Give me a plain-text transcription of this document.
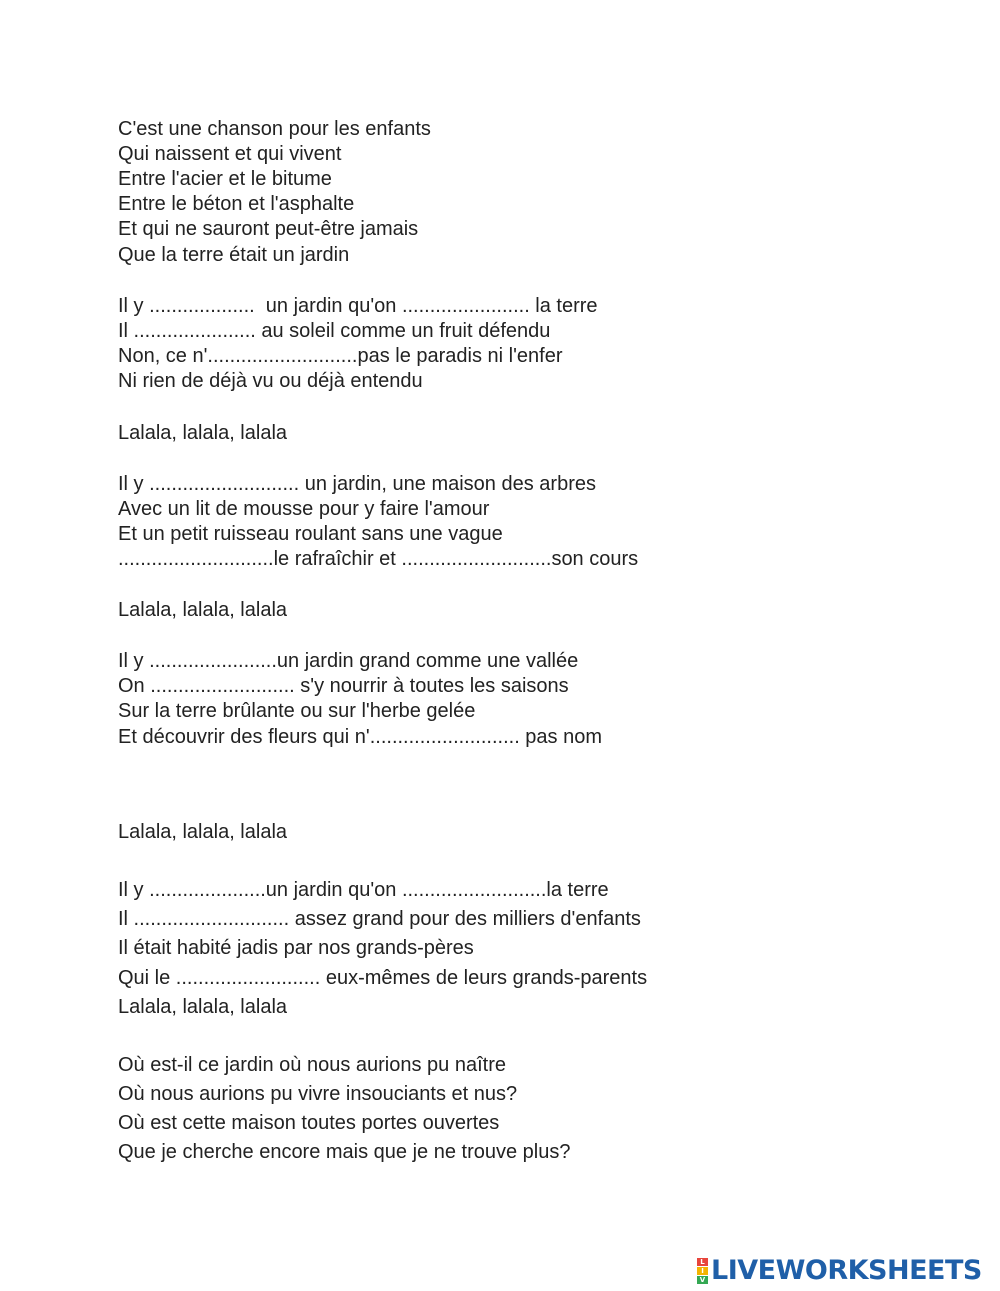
C'est une chanson pour les enfants

Qui naissent et qui vivent

Entre l'acier et le bitume

Entre le béton et l'asphalte

Et qui ne sauront peut-être jamais

Que la terre était un jardin

Il y ...................  un jardin qu'on ....................... la terre

Il ...................... au soleil comme un fruit défendu

Non, ce n'...........................pas le paradis ni l'enfer

Ni rien de déjà vu ou déjà entendu

Lalala, lalala, lalala

Il y ........................... un jardin, une maison des arbres

Avec un lit de mousse pour y faire l'amour

Et un petit ruisseau roulant sans une vague

............................le rafraîchir et ...........................son cours

Lalala, lalala, lalala

Il y .......................un jardin grand comme une vallée

On .......................... s'y nourrir à toutes les saisons

Sur la terre brûlante ou sur l'herbe gelée

Et découvrir des fleurs qui n'........................... pas nom

Lalala, lalala, lalala

Il y .....................un jardin qu'on ..........................la terre

Il ............................ assez grand pour des milliers d'enfants

Il était habité jadis par nos grands-pères

Qui le .......................... eux-mêmes de leurs grands-parents

Lalala, lalala, lalala

Où est-il ce jardin où nous aurions pu naître

Où nous aurions pu vivre insouciants et nus?

Où est cette maison toutes portes ouvertes

Que je cherche encore mais que je ne trouve plus?

L
I
V LIVEWORKSHEETS
